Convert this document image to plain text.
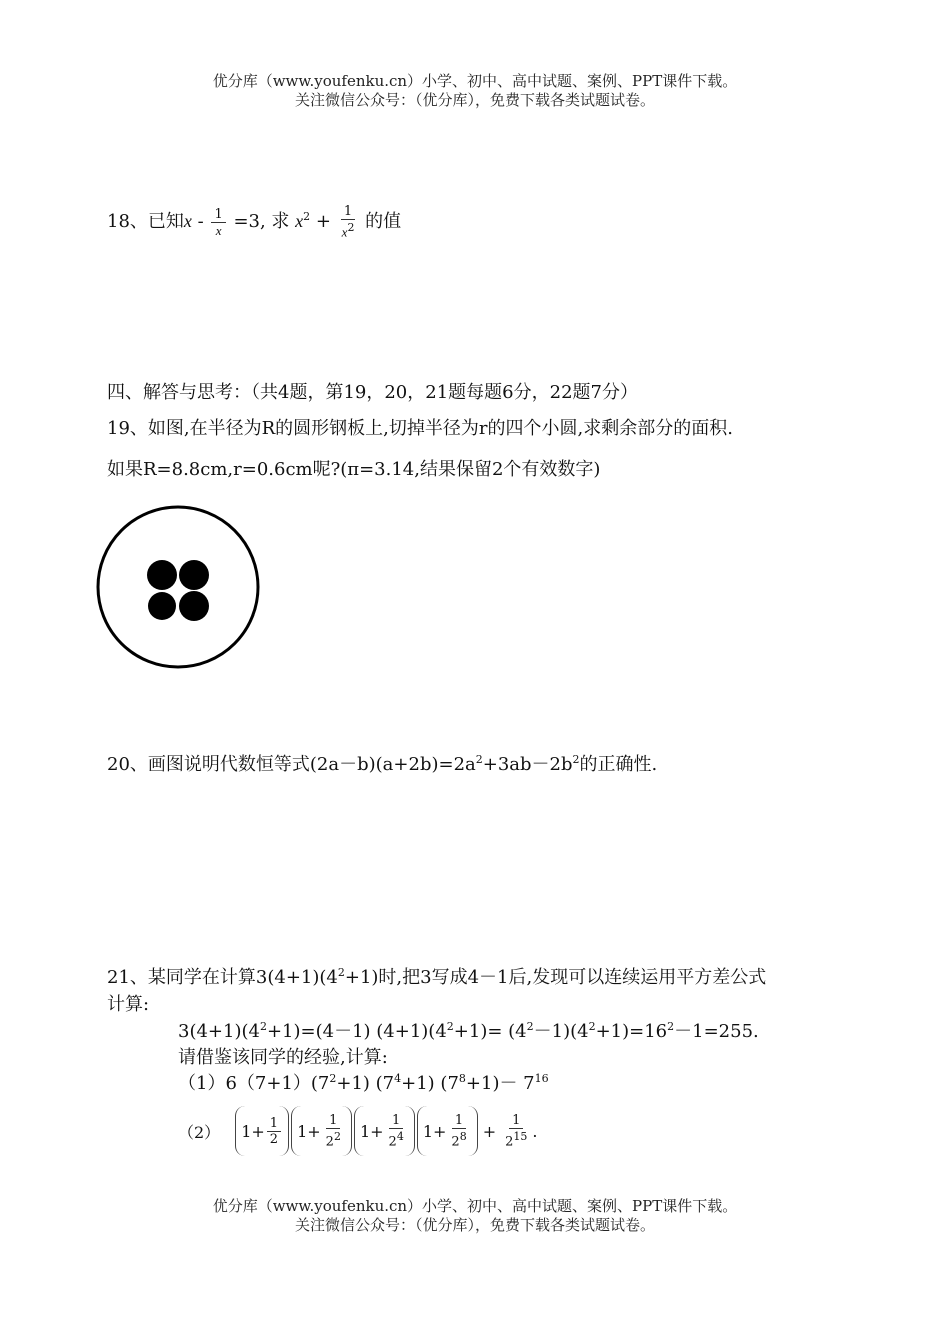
优分库（www.youfenku.cn）小学、初中、高中试题、案例、PPT课件下载。
关注微信公众号：（优分库），免费下载各类试题试卷。
18、已知$x - \frac{1}{x} =3$, 求 $x^2 + \frac{1}{x^2}$ 的值
四、解答与思考：（共4题，第19，20，21题每题6分，22题7分）
19、如图,在半径为R的圆形钢板上,切掉半径为r的四个小圆,求剩余部分的面积.
如果R=8.8cm,r=0.6cm呢?(π=3.14,结果保留2个有效数字)
20、画图说明代数恒等式$(2a-b)(a+2b)=2a^2+3ab-2b^2$的正确性.
21、某同学在计算$3(4+1)(4^2+1)$时,把3写成4－1后,发现可以连续运用平方差公式
计算:
$3(4+1)(4^2+1)=(4-1)$ $(4+1)(4^2+1)= (4^2-1)(4^2+1)=16^2-1=255$.
请借鉴该同学的经验,计算:
$(1)6(7+1)(7^2+1)$ $(7^4+1)$ $(7^8+1)- 7^{16}$
（2） $1 + \frac{1}{2} 1 + \frac{1}{2^2} 1 + \frac{1}{2^4} 1 + \frac{1}{2^8} + \frac{1}{2^{15}}$ .
优分库（www.youfenku.cn）小学、初中、高中试题、案例、PPT课件下载。
关注微信公众号：（优分库），免费下载各类试题试卷。
